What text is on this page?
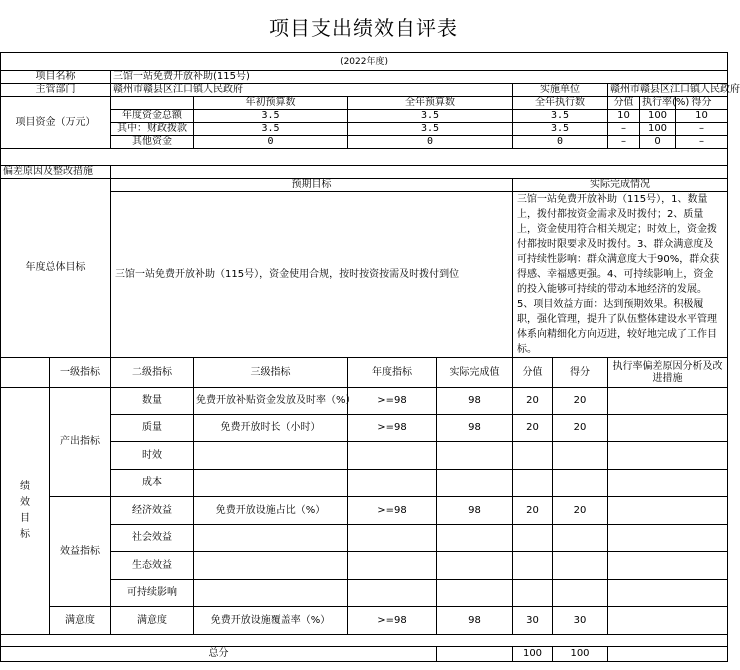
项目支出绩效自评表
(2022年度)										
项目名称		三馆一站免费开放补助(115号)								
主管部门		赣州市赣县区江口镇人民政府				实施单位		赣州市赣县区江口镇人民政府		
项目资金（万元）			年初预算数	全年预算数		全年执行数		分值	执行率(%)	得分
		年度资金总额	3.5	3.5		3.5		10	100	10
		其中：财政拨款	3.5	3.5		3.5		–	100	–
		其他资金	0	0		0		–	0	–

偏差原因及整改措施										
年度总体目标		预期目标				实际完成情况				
		三馆一站免费开放补助（115号），资金使用合规，按时按资按需及时拨付到位				三馆一站免费开放补助（115号），1、数量上，拨付都按资金需求及时拨付；2、质量上，资金使用符合相关规定；时效上，资金拨付都按时限要求及时拨付。3、群众满意度及可持续性影响：群众满意度大于90%，群众获得感、幸福感更强。4、可持续影响上，资金的投入能够可持续的带动本地经济的发展。5、项目效益方面：达到预期效果。积极履职，强化管理，提升了队伍整体建设水平管理体系向精细化方向迈进，较好地完成了工作目标。				
	一级指标	二级指标	三级指标	年度指标	实际完成值	分值	得分	执行率偏差原因分析及改进措施		
绩效目标	产出指标	数量	免费开放补贴资金发放及时率（%）	>=98	98	20	20			
		质量	免费开放时长（小时）	>=98	98	20	20			
		时效								
		成本								
	效益指标	经济效益	免费开放设施占比（%）	>=98	98	20	20			
		社会效益								
		生态效益								
		可持续影响								
	满意度	满意度	免费开放设施覆盖率（%）	>=98	98	30	30			

总分						100	100			
